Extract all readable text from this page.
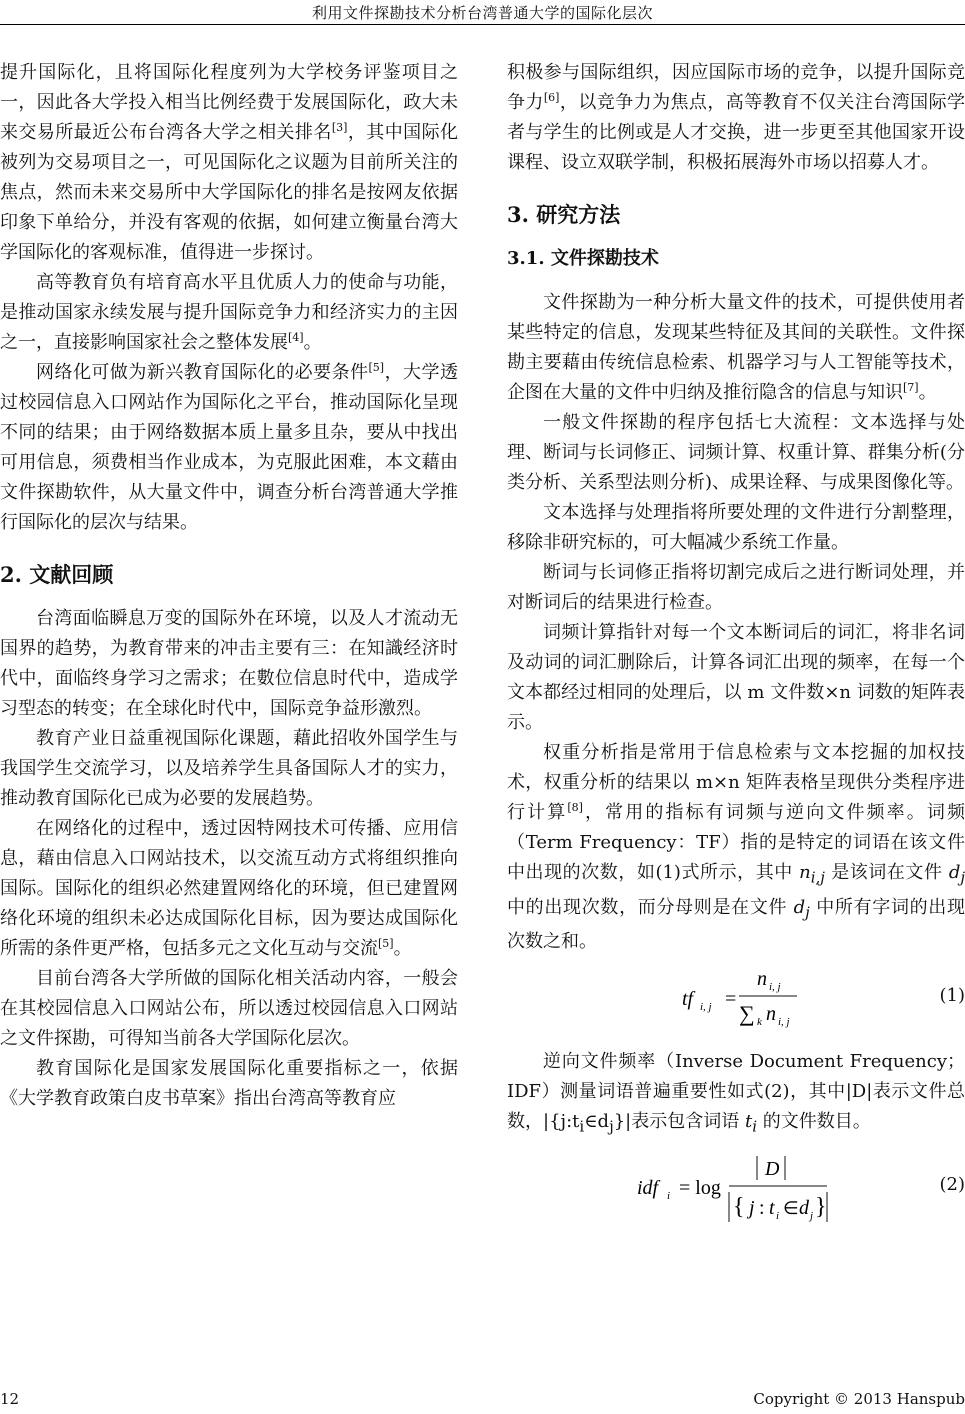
利用文件探勘技术分析台湾普通大学的国际化层次

提升国际化，且将国际化程度列为大学校务评鉴项目之一，因此各大学投入相当比例经费于发展国际化，政大未来交易所最近公布台湾各大学之相关排名[3]，其中国际化被列为交易项目之一，可见国际化之议题为目前所关注的焦点，然而未来交易所中大学国际化的排名是按网友依据印象下单给分，并没有客观的依据，如何建立衡量台湾大学国际化的客观标准，值得进一步探讨。

高等教育负有培育高水平且优质人力的使命与功能，是推动国家永续发展与提升国际竞争力和经济实力的主因之一，直接影响国家社会之整体发展[4]。

网络化可做为新兴教育国际化的必要条件[5]，大学透过校园信息入口网站作为国际化之平台，推动国际化呈现不同的结果；由于网络数据本质上量多且杂，要从中找出可用信息，须费相当作业成本，为克服此困难，本文藉由文件探勘软件，从大量文件中，调查分析台湾普通大学推行国际化的层次与结果。

2. 文献回顾

台湾面临瞬息万变的国际外在环境，以及人才流动无国界的趋势，为教育带来的冲击主要有三：在知識经济时代中，面临终身学习之需求；在數位信息时代中，造成学习型态的转变；在全球化时代中，国际竞争益形激烈。

教育产业日益重视国际化课题，藉此招收外国学生与我国学生交流学习，以及培养学生具备国际人才的实力，推动教育国际化已成为必要的发展趋势。

在网络化的过程中，透过因特网技术可传播、应用信息，藉由信息入口网站技术，以交流互动方式将组织推向国际。国际化的组织必然建置网络化的环境，但已建置网络化环境的组织未必达成国际化目标，因为要达成国际化所需的条件更严格，包括多元之文化互动与交流[5]。

目前台湾各大学所做的国际化相关活动内容，一般会在其校园信息入口网站公布，所以透过校园信息入口网站之文件探勘，可得知当前各大学国际化层次。

教育国际化是国家发展国际化重要指标之一，依据《大学教育政策白皮书草案》指出台湾高等教育应

积极参与国际组织，因应国际市场的竞争，以提升国际竞争力[6]，以竞争力为焦点，高等教育不仅关注台湾国际学者与学生的比例或是人才交换，进一步更至其他国家开设课程、设立双联学制，积极拓展海外市场以招募人才。

3. 研究方法
3.1. 文件探勘技术

文件探勘为一种分析大量文件的技术，可提供使用者某些特定的信息，发现某些特征及其间的关联性。文件探勘主要藉由传统信息检索、机器学习与人工智能等技术，企图在大量的文件中归纳及推衍隐含的信息与知识[7]。

一般文件探勘的程序包括七大流程：文本选择与处理、断词与长词修正、词频计算、权重计算、群集分析(分类分析、关系型法则分析)、成果诠释、与成果图像化等。

文本选择与处理指将所要处理的文件进行分割整理，移除非研究标的，可大幅减少系统工作量。

断词与长词修正指将切割完成后之进行断词处理，并对断词后的结果进行检查。

词频计算指针对每一个文本断词后的词汇，将非名词及动词的词汇删除后，计算各词汇出现的频率，在每一个文本都经过相同的处理后，以 m 文件数×n 词数的矩阵表示。

权重分析指是常用于信息检索与文本挖掘的加权技术，权重分析的结果以 m×n 矩阵表格呈现供分类程序进行计算[8]，常用的指标有词频与逆向文件频率。词频（Term Frequency：TF）指的是特定的词语在该文件中出现的次数，如(1)式所示，其中 $n_{i,j}$ 是该词在文件 $d_j$ 中的出现次数，而分母则是在文件 $d_j$ 中所有字词的出现次数之和。

tf i, j =
n i, j
∑ k n i, j
(1)

逆向文件频率（Inverse Document Frequency；IDF）测量词语普遍重要性如式(2)，其中|D|表示文件总数，$|\{j:t_i\in d_j\}|$表示包含词语 $t_i$ 的文件数目。

idf i = log
D
{ j : t i ∈ d j }
(2)
12	Copyright © 2013 Hanspub
